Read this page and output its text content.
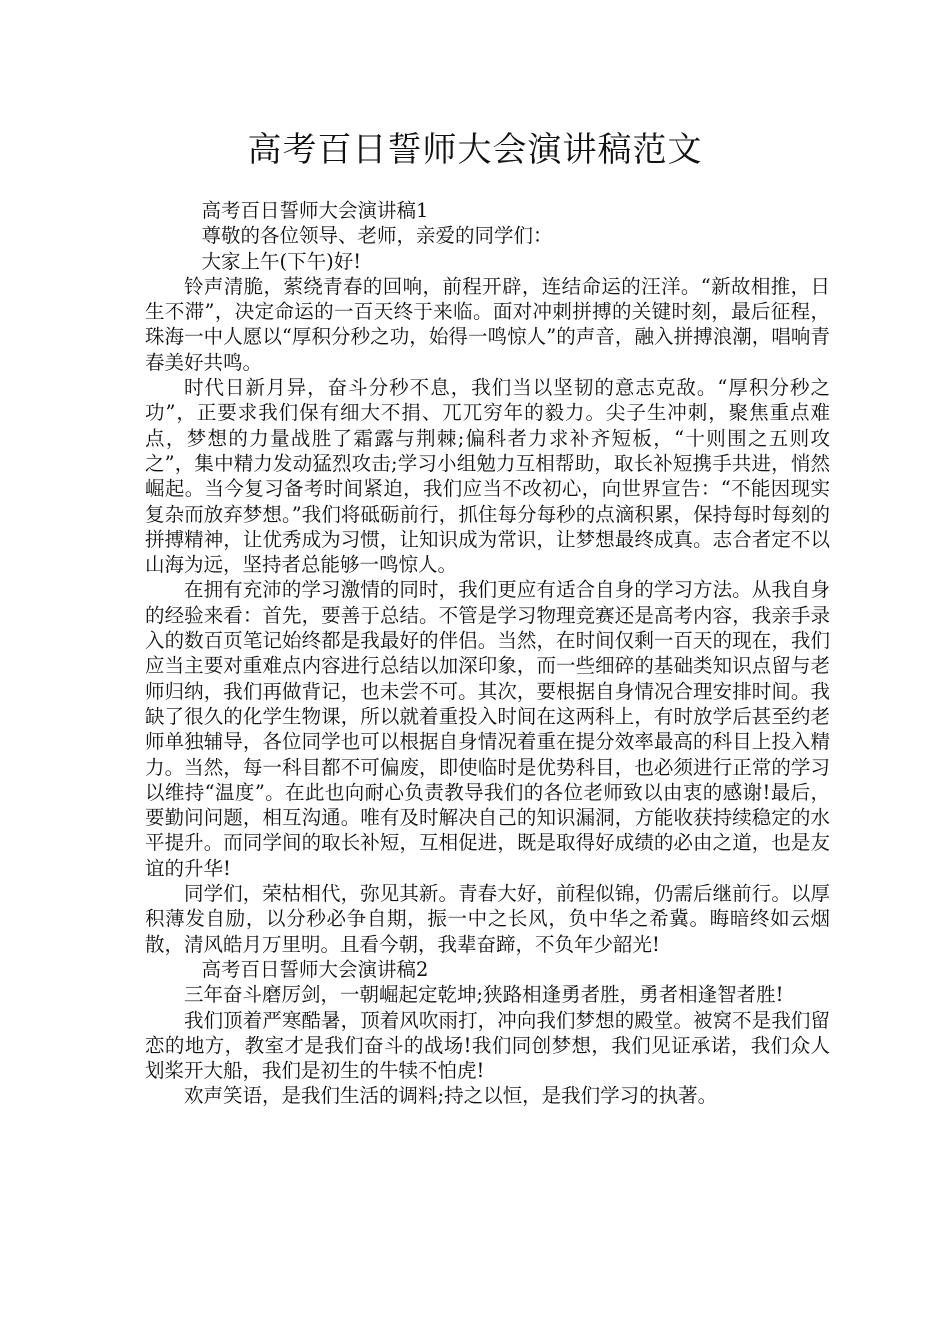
高考百日誓师大会演讲稿范文

高考百日誓师大会演讲稿1

尊敬的各位领导、老师，亲爱的同学们：

大家上午(下午)好!

铃声清脆，萦绕青春的回响，前程开辟，连结命运的汪洋。“新故相推，日生不滞”，决定命运的一百天终于来临。面对冲刺拼搏的关键时刻，最后征程，珠海一中人愿以“厚积分秒之功，始得一鸣惊人”的声音，融入拼搏浪潮，唱响青春美好共鸣。

时代日新月异，奋斗分秒不息，我们当以坚韧的意志克敌。“厚积分秒之功”，正要求我们保有细大不捐、兀兀穷年的毅力。尖子生冲刺，聚焦重点难点，梦想的力量战胜了霜露与荆棘;偏科者力求补齐短板，“十则围之五则攻之”，集中精力发动猛烈攻击;学习小组勉力互相帮助，取长补短携手共进，悄然崛起。当今复习备考时间紧迫，我们应当不改初心，向世界宣告：“不能因现实复杂而放弃梦想。”我们将砥砺前行，抓住每分每秒的点滴积累，保持每时每刻的拼搏精神，让优秀成为习惯，让知识成为常识，让梦想最终成真。志合者定不以山海为远，坚持者总能够一鸣惊人。

在拥有充沛的学习激情的同时，我们更应有适合自身的学习方法。从我自身的经验来看：首先，要善于总结。不管是学习物理竞赛还是高考内容，我亲手录入的数百页笔记始终都是我最好的伴侣。当然，在时间仅剩一百天的现在，我们应当主要对重难点内容进行总结以加深印象，而一些细碎的基础类知识点留与老师归纳，我们再做背记，也未尝不可。其次，要根据自身情况合理安排时间。我缺了很久的化学生物课，所以就着重投入时间在这两科上，有时放学后甚至约老师单独辅导，各位同学也可以根据自身情况着重在提分效率最高的科目上投入精力。当然，每一科目都不可偏废，即使临时是优势科目，也必须进行正常的学习以维持“温度”。在此也向耐心负责教导我们的各位老师致以由衷的感谢!最后，要勤问问题，相互沟通。唯有及时解决自己的知识漏洞，方能收获持续稳定的水平提升。而同学间的取长补短，互相促进，既是取得好成绩的必由之道，也是友谊的升华!

同学们，荣枯相代，弥见其新。青春大好，前程似锦，仍需后继前行。以厚积薄发自励，以分秒必争自期，振一中之长风，负中华之希冀。晦暗终如云烟散，清风皓月万里明。且看今朝，我辈奋蹄，不负年少韶光!

高考百日誓师大会演讲稿2

三年奋斗磨厉剑，一朝崛起定乾坤;狭路相逢勇者胜，勇者相逢智者胜!

我们顶着严寒酷暑，顶着风吹雨打，冲向我们梦想的殿堂。被窝不是我们留恋的地方，教室才是我们奋斗的战场!我们同创梦想，我们见证承诺，我们众人划桨开大船，我们是初生的牛犊不怕虎!

欢声笑语，是我们生活的调料;持之以恒，是我们学习的执著。
